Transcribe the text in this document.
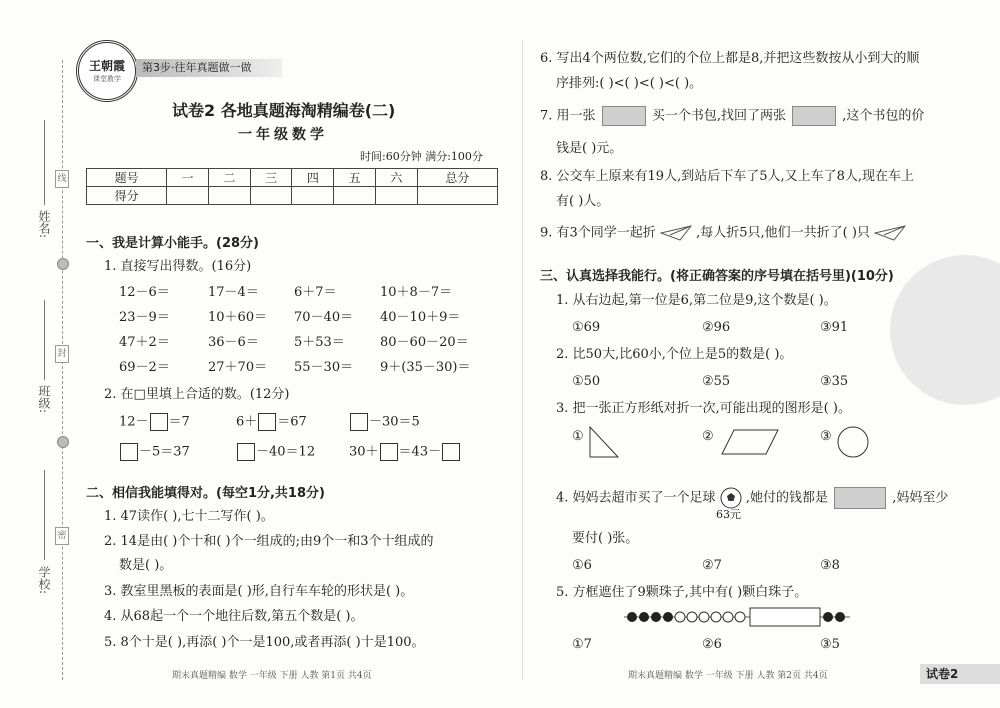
线
封
密
姓名:
班级:
学校:
王朝霞
课堂教学
第3步·往年真题做一做
试卷2 各地真题海淘精编卷(二)
一年级数学
时间:60分钟 满分:100分
题号	一	二	三	四	五	六	总分
得分							
一、我是计算小能手。(28分)
1. 直接写出得数。(16分)
12－6＝	17－4＝	6＋7＝	10＋8－7＝
23－9＝	10＋60＝ 70－40＝ 40－10＋9＝
47＋2＝	36－6＝	5＋53＝	80－60－20＝
69－2＝	27＋70＝ 55－30＝ 9＋(35－30)＝
2. 在□里填上合适的数。(12分)
12－ ＝7	6＋ ＝67	－30＝5
－5＝37	－40＝12	30＋ ＝43－
二、相信我能填得对。(每空1分,共18分)
1. 47读作( ),七十二写作( )。
2. 14是由( )个十和( )个一组成的;由9个一和3个十组成的
数是( )。
3. 教室里黑板的表面是( )形,自行车车轮的形状是( )。
4. 从68起一个一个地往后数,第五个数是( )。
5. 8个十是( ),再添( )个一是100,或者再添( )十是100。
6. 写出4个两位数,它们的个位上都是8,并把这些数按从小到大的顺
序排列:( )<( )<( )<( )。
7. 用一张	买一个书包,找回了两张	,这个书包的价
钱是( )元。
8. 公交车上原来有19人,到站后下车了5人,又上车了8人,现在车上
有( )人。
9. 有3个同学一起折	,每人折5只,他们一共折了( )只
三、认真选择我能行。(将正确答案的序号填在括号里)(10分)
1. 从右边起,第一位是6,第二位是9,这个数是( )。
①69	②96	③91
2. 比50大,比60小,个位上是5的数是( )。
①50	②55	③35
3. 把一张正方形纸对折一次,可能出现的图形是( )。
①	②	③
4. 妈妈去超市买了一个足球 ,她付的钱都是	,妈妈至少
63元
要付( )张。
①6	②7	③8
5. 方框遮住了9颗珠子,其中有( )颗白珠子。
①7	②6	③5
期末真题精编 数学 一年级 下册 人教 第1页 共4页	期末真题精编 数学 一年级 下册 人教 第2页 共4页	试卷2
